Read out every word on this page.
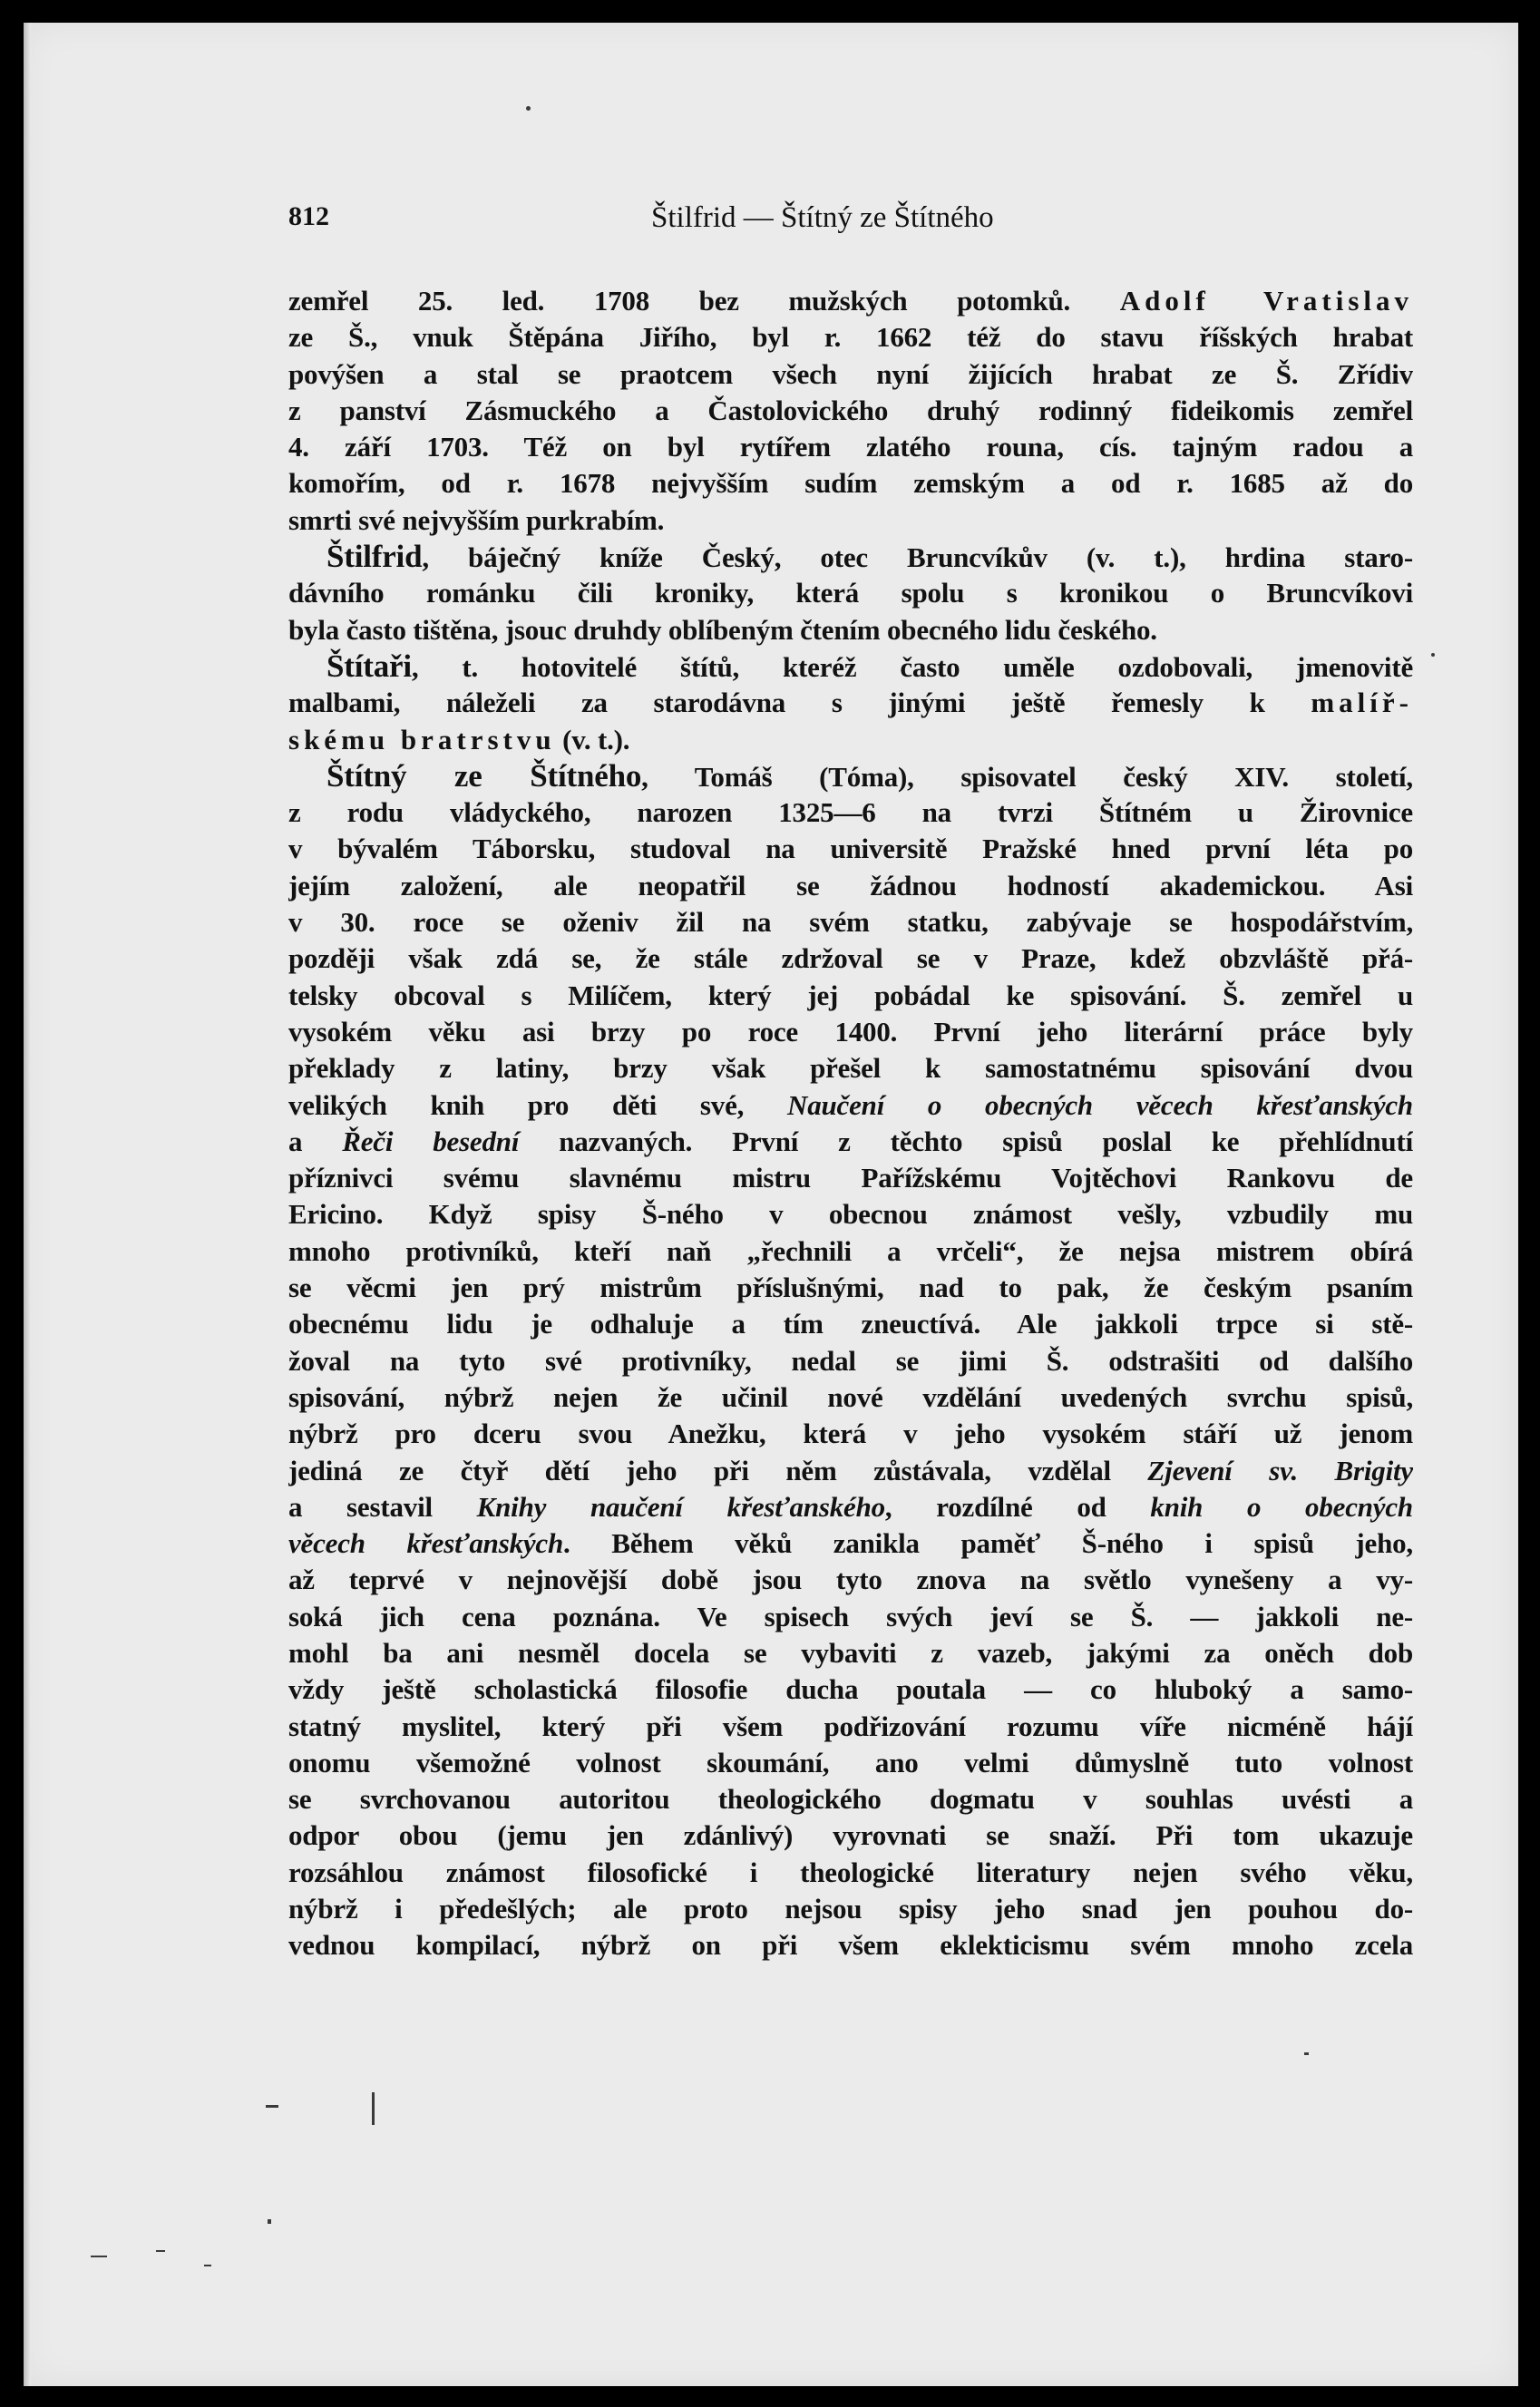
812	Štilfrid — Štítný ze Štítného
zemřel 25. led. 1708 bez mužských potomků. Adolf Vratislav
ze Š., vnuk Štěpána Jiřího, byl r. 1662 též do stavu říšských hrabat
povýšen a stal se praotcem všech nyní žijících hrabat ze Š. Zřídiv
z panství Zásmuckého a Častolovického druhý rodinný fideikomis zemřel
4. září 1703. Též on byl rytířem zlatého rouna, cís. tajným radou a
komořím, od r. 1678 nejvyšším sudím zemským a od r. 1685 až do
smrti své nejvyšším purkrabím.
Štilfrid, báječný kníže Český, otec Bruncvíkův (v. t.), hrdina staro-
dávního románku čili kroniky, která spolu s kronikou o Bruncvíkovi
byla často tištěna, jsouc druhdy oblíbeným čtením obecného lidu českého.
Štítaři, t. hotovitelé štítů, kteréž často uměle ozdobovali, jmenovitě
malbami, náleželi za starodávna s jinými ještě řemesly k malíř-
skému bratrstvu (v. t.).
Štítný ze Štítného, Tomáš (Tóma), spisovatel český XIV. století,
z rodu vládyckého, narozen 1325—6 na tvrzi Štítném u Žirovnice
v bývalém Táborsku, studoval na universitě Pražské hned první léta po
jejím založení, ale neopatřil se žádnou hodností akademickou. Asi
v 30. roce se oženiv žil na svém statku, zabývaje se hospodářstvím,
později však zdá se, že stále zdržoval se v Praze, kdež obzvláště přá-
telsky obcoval s Milíčem, který jej pobádal ke spisování. Š. zemřel u
vysokém věku asi brzy po roce 1400. První jeho literární práce byly
překlady z latiny, brzy však přešel k samostatnému spisování dvou
velikých knih pro děti své, Naučení o obecných věcech křesťanských
a Řeči besední nazvaných. První z těchto spisů poslal ke přehlídnutí
příznivci svému slavnému mistru Pařížskému Vojtěchovi Rankovu de
Ericino. Když spisy Š-ného v obecnou známost vešly, vzbudily mu
mnoho protivníků, kteří naň „řechnili a vrčeli“, že nejsa mistrem obírá
se věcmi jen prý mistrům příslušnými, nad to pak, že českým psaním
obecnému lidu je odhaluje a tím zneuctívá. Ale jakkoli trpce si stě-
žoval na tyto své protivníky, nedal se jimi Š. odstrašiti od dalšího
spisování, nýbrž nejen že učinil nové vzdělání uvedených svrchu spisů,
nýbrž pro dceru svou Anežku, která v jeho vysokém stáří už jenom
jediná ze čtyř dětí jeho při něm zůstávala, vzdělal Zjevení sv. Brigity
a sestavil Knihy naučení křesťanského, rozdílné od knih o obecných
věcech křesťanských. Během věků zanikla paměť Š-ného i spisů jeho,
až teprvé v nejnovější době jsou tyto znova na světlo vynešeny a vy-
soká jich cena poznána. Ve spisech svých jeví se Š. — jakkoli ne-
mohl ba ani nesměl docela se vybaviti z vazeb, jakými za oněch dob
vždy ještě scholastická filosofie ducha poutala — co hluboký a samo-
statný myslitel, který při všem podřizování rozumu víře nicméně hájí
onomu všemožné volnost skoumání, ano velmi důmyslně tuto volnost
se svrchovanou autoritou theologického dogmatu v souhlas uvésti a
odpor obou (jemu jen zdánlivý) vyrovnati se snaží. Při tom ukazuje
rozsáhlou známost filosofické i theologické literatury nejen svého věku,
nýbrž i předešlých; ale proto nejsou spisy jeho snad jen pouhou do-
vednou kompilací, nýbrž on při všem eklekticismu svém mnoho zcela
